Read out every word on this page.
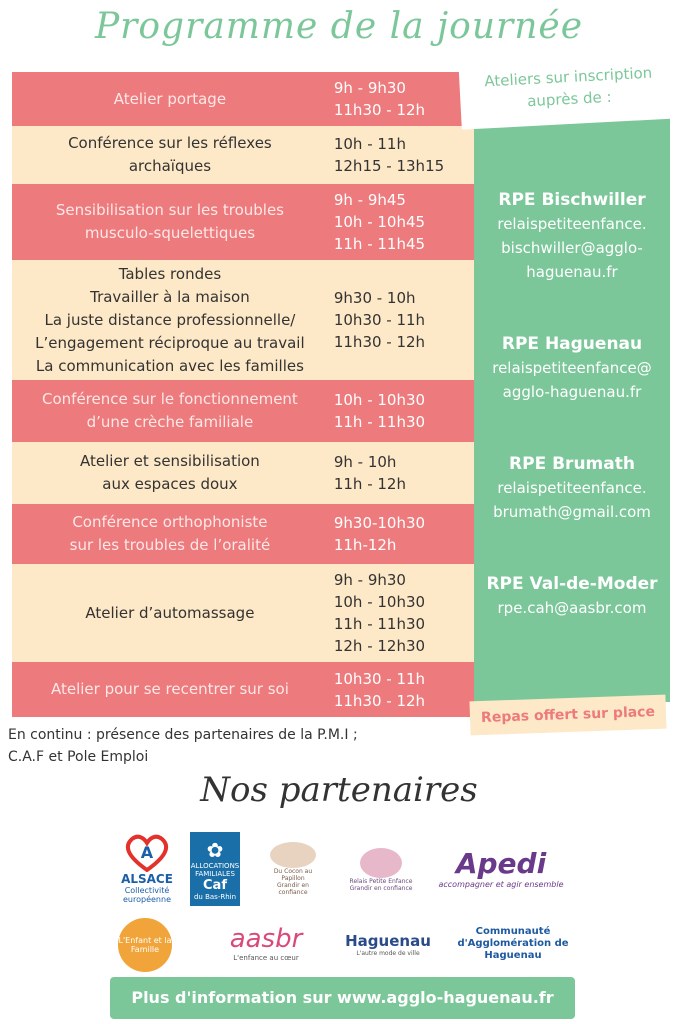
Programme de la journée
Atelier portage
9h - 9h30
11h30 - 12h
Conférence sur les réflexes
archaïques
10h - 11h
12h15 - 13h15
Sensibilisation sur les troubles
musculo-squelettiques
9h - 9h45
10h - 10h45
11h - 11h45
Tables rondes
Travailler à la maison
La juste distance professionnelle/
L’engagement réciproque au travail
La communication avec les familles
9h30 - 10h
10h30 - 11h
11h30 - 12h
Conférence sur le fonctionnement
d’une crèche familiale
10h - 10h30
11h - 11h30
Atelier et sensibilisation
aux espaces doux
9h - 10h
11h - 12h
Conférence orthophoniste
sur les troubles de l’oralité
9h30-10h30
11h-12h
Atelier d’automassage
9h - 9h30
10h - 10h30
11h - 11h30
12h - 12h30
Atelier pour se recentrer sur soi
10h30 - 11h
11h30 - 12h
Ateliers sur inscription
auprès de :
RPE Bischwiller
relaispetiteenfance.
bischwiller@agglo-
haguenau.fr
RPE Haguenau
relaispetiteenfance@
agglo-haguenau.fr
RPE Brumath
relaispetiteenfance.
brumath@gmail.com
RPE Val-de-Moder
rpe.cah@aasbr.com
Repas offert sur place
En continu : présence des partenaires de la P.M.I ;
C.A.F et Pole Emploi
Nos partenaires
A
ALSACE
Collectivité européenne
✿
ALLOCATIONS FAMILIALES
Caf
du Bas-Rhin
Du Cocon au Papillon
Grandir en confiance
Relais Petite Enfance
Grandir en confiance
Apedi
accompagner et agir ensemble
L'Enfant et la Famille	aasbr
L'enfance au cœur
Haguenau
L'autre mode de ville
Communauté d'Agglomération de Haguenau
Plus d'information sur www.agglo-haguenau.fr
